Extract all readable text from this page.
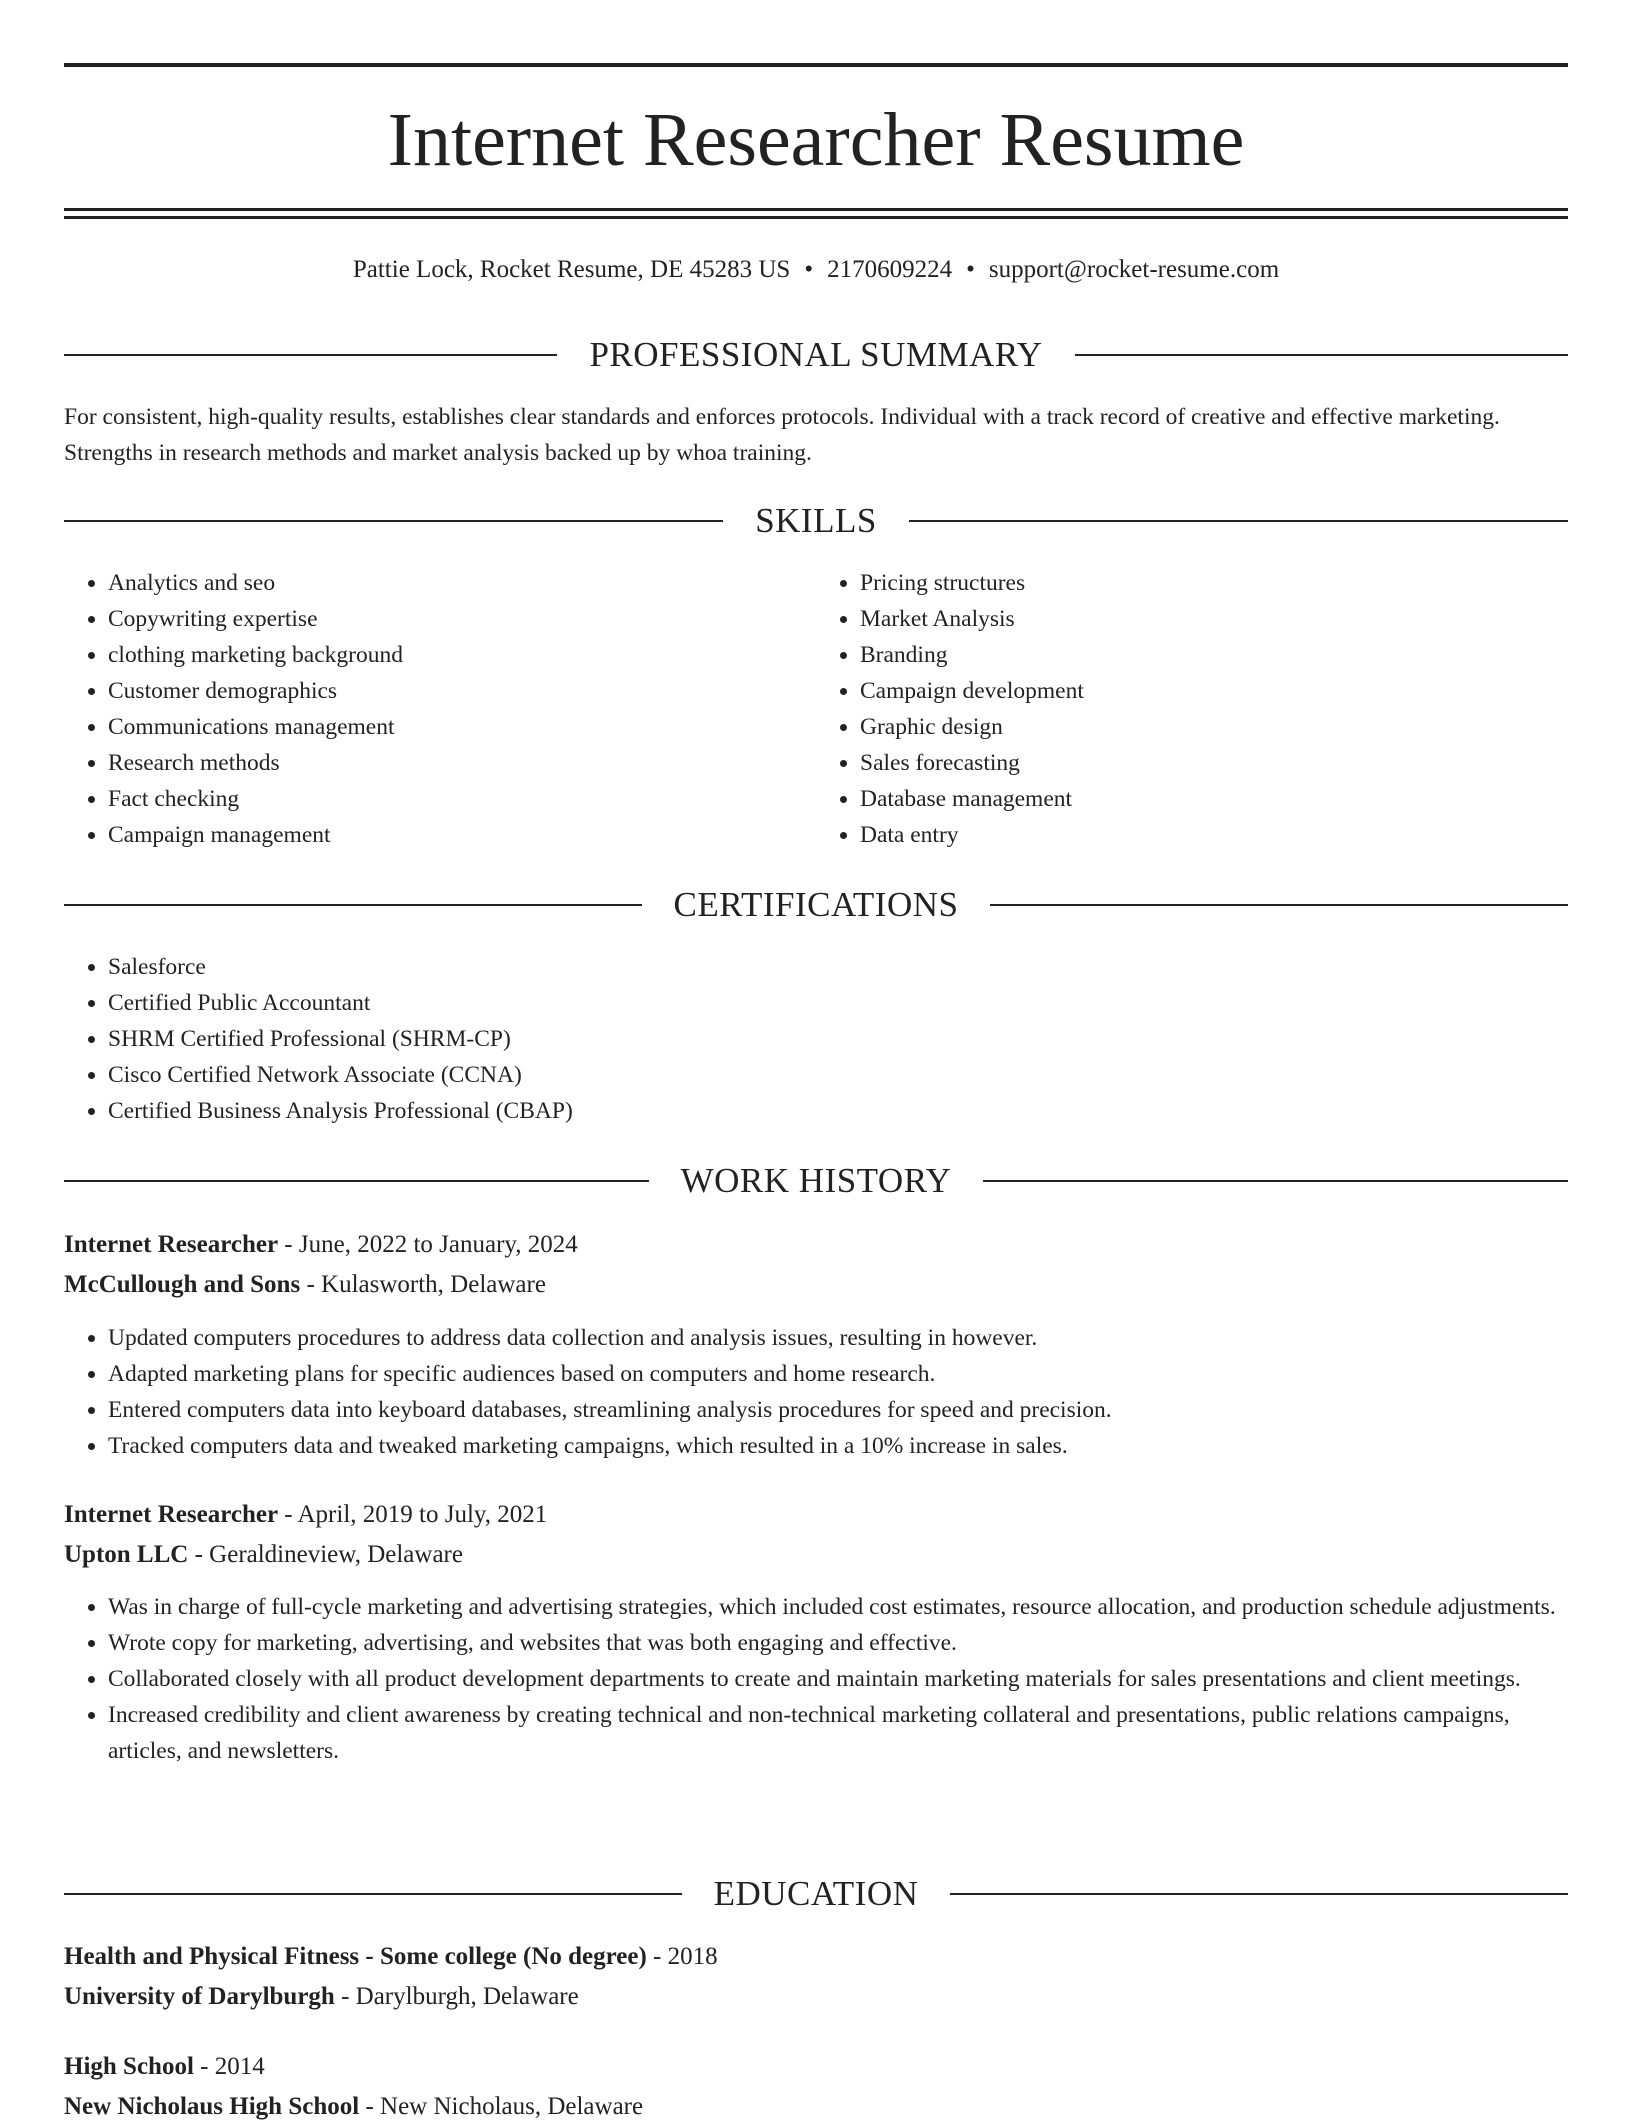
Internet Researcher Resume
Pattie Lock, Rocket Resume, DE 45283 US • 2170609224 • support@rocket-resume.com
PROFESSIONAL SUMMARY
For consistent, high-quality results, establishes clear standards and enforces protocols. Individual with a track record of creative and effective marketing. Strengths in research methods and market analysis backed up by whoa training.
SKILLS
• Analytics and seo
• Copywriting expertise
• clothing marketing background
• Customer demographics
• Communications management
• Research methods
• Fact checking
• Campaign management
• Pricing structures
• Market Analysis
• Branding
• Campaign development
• Graphic design
• Sales forecasting
• Database management
• Data entry
CERTIFICATIONS
• Salesforce
• Certified Public Accountant
• SHRM Certified Professional (SHRM-CP)
• Cisco Certified Network Associate (CCNA)
• Certified Business Analysis Professional (CBAP)
WORK HISTORY
Internet Researcher - June, 2022 to January, 2024
McCullough and Sons - Kulasworth, Delaware
• Updated computers procedures to address data collection and analysis issues, resulting in however.
• Adapted marketing plans for specific audiences based on computers and home research.
• Entered computers data into keyboard databases, streamlining analysis procedures for speed and precision.
• Tracked computers data and tweaked marketing campaigns, which resulted in a 10% increase in sales.
Internet Researcher - April, 2019 to July, 2021
Upton LLC - Geraldineview, Delaware
• Was in charge of full-cycle marketing and advertising strategies, which included cost estimates, resource allocation, and production schedule adjustments.
• Wrote copy for marketing, advertising, and websites that was both engaging and effective.
• Collaborated closely with all product development departments to create and maintain marketing materials for sales presentations and client meetings.
• Increased credibility and client awareness by creating technical and non-technical marketing collateral and presentations, public relations campaigns, articles, and newsletters.
EDUCATION
Health and Physical Fitness - Some college (No degree) - 2018
University of Darylburgh - Darylburgh, Delaware
High School - 2014
New Nicholaus High School - New Nicholaus, Delaware
